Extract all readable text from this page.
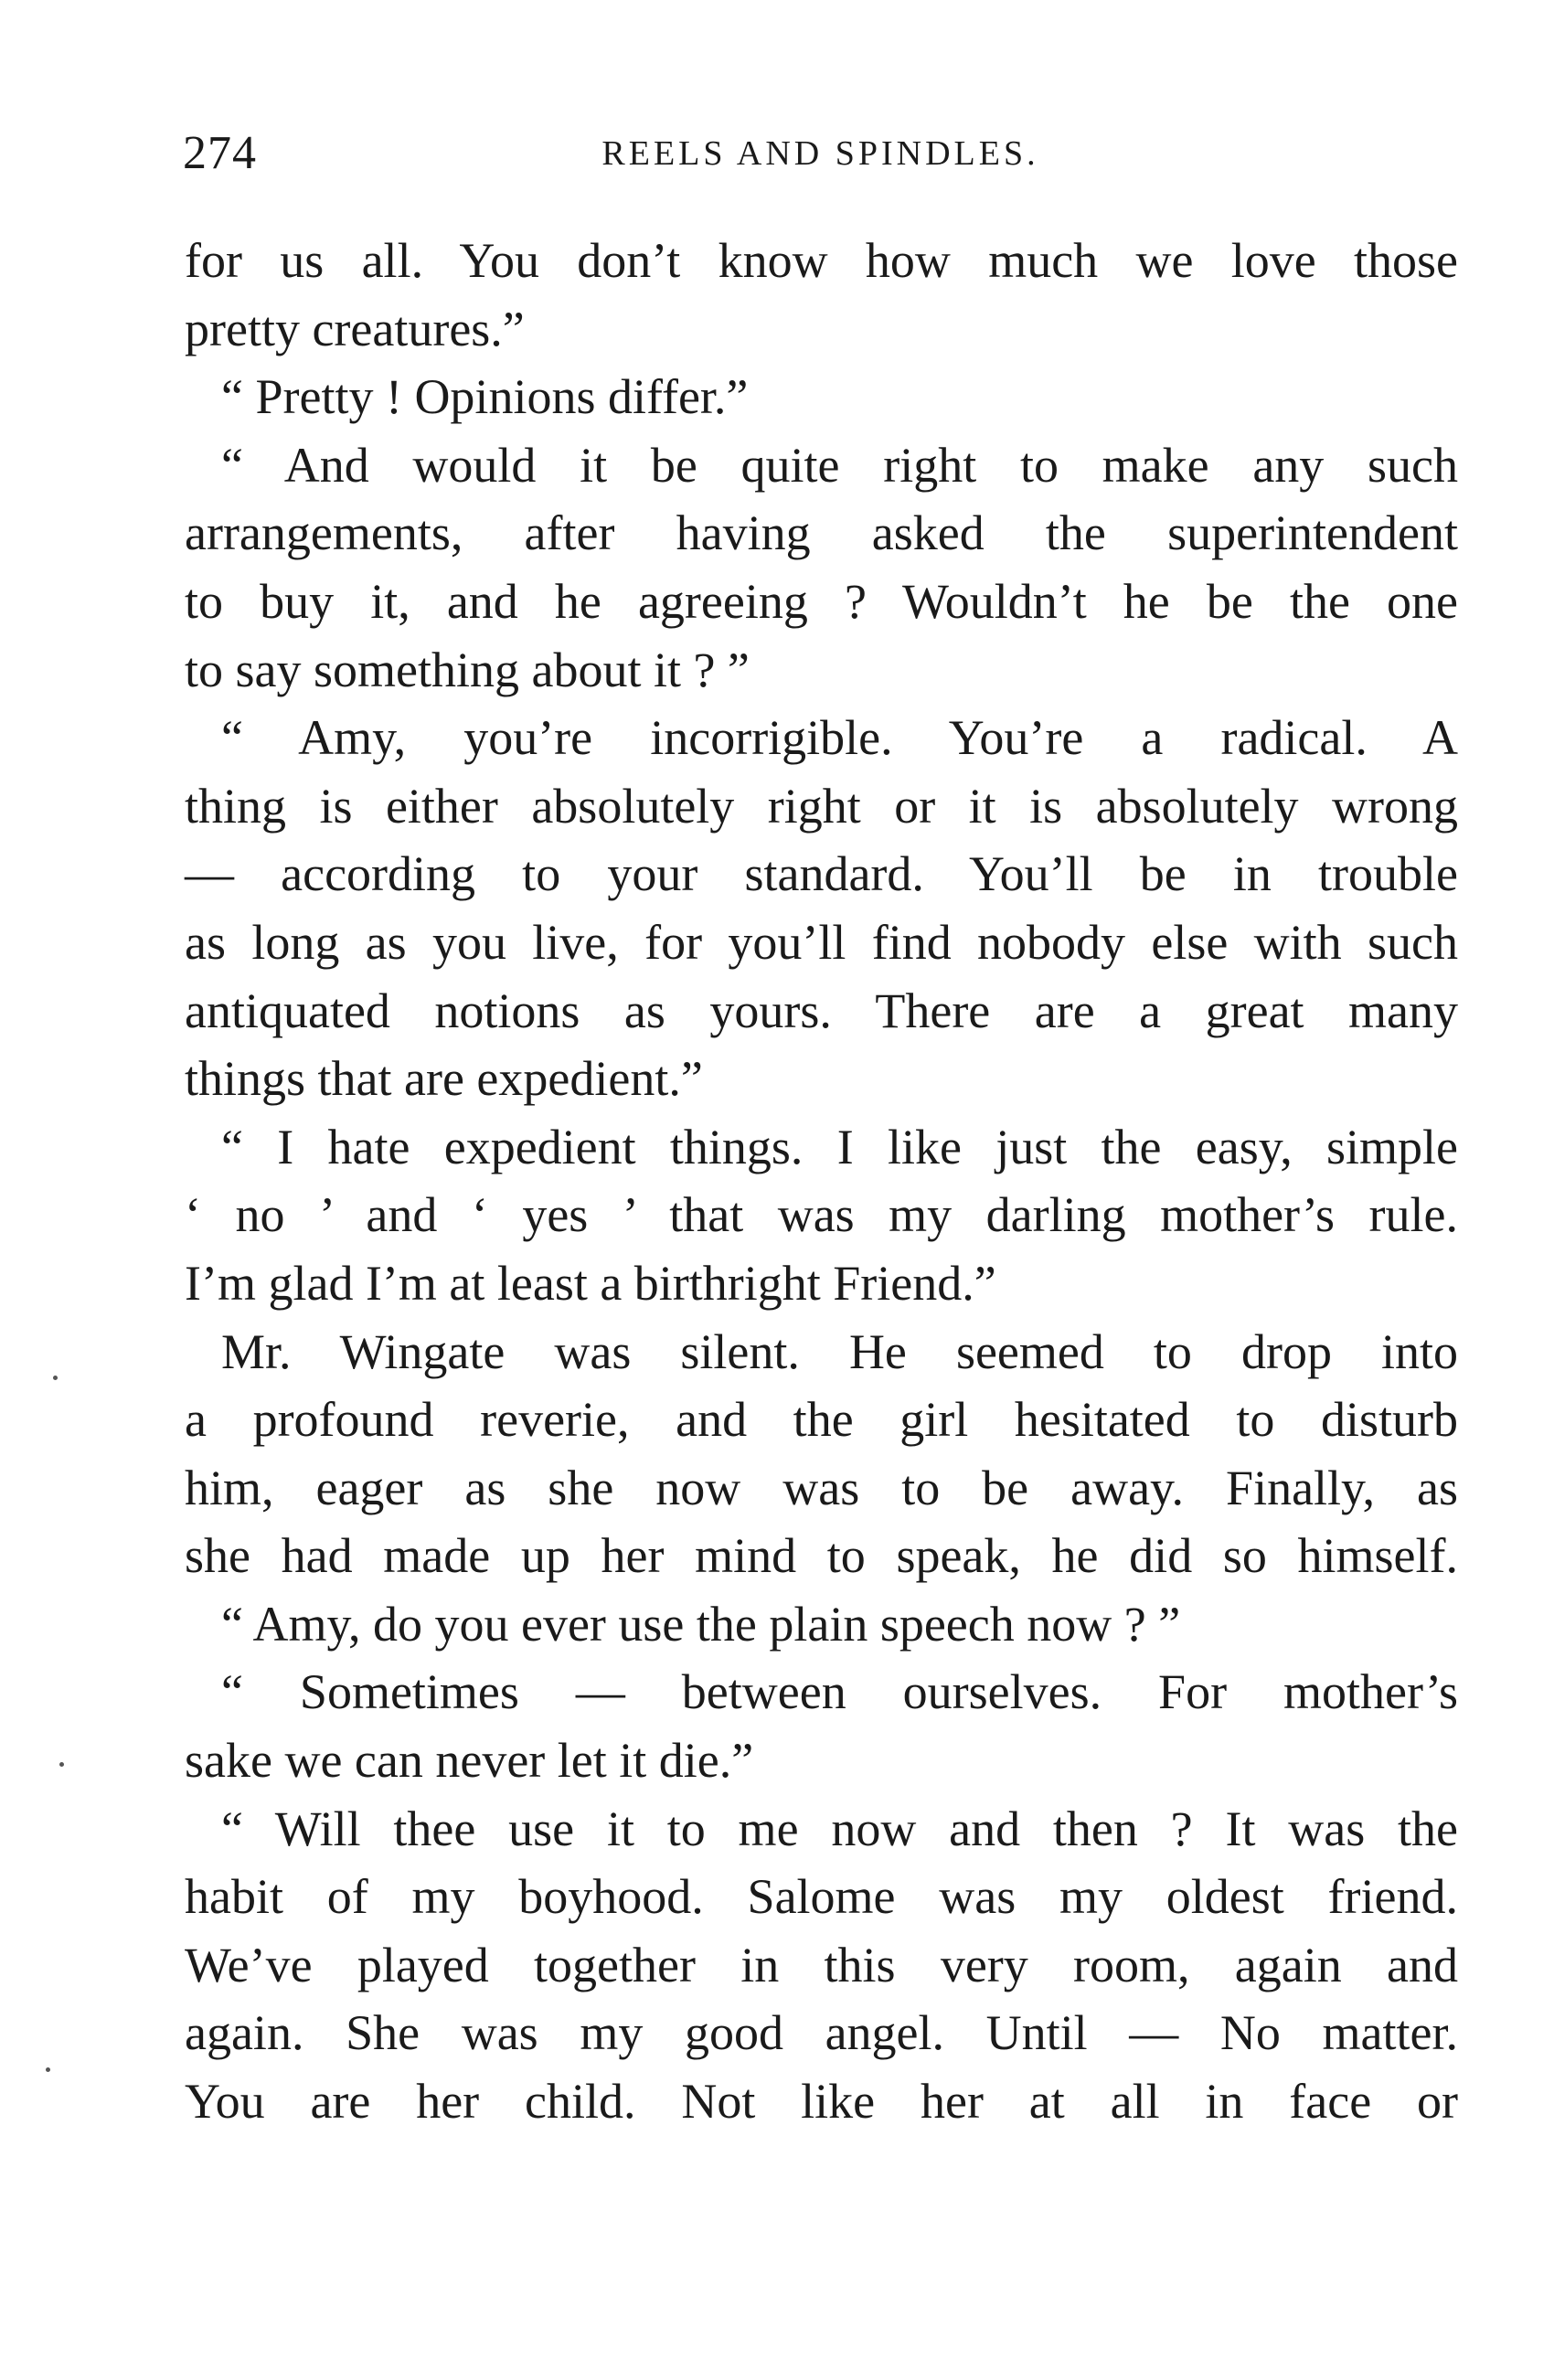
274	REELS AND SPINDLES.
for us all. You don’t know how much we love those
pretty creatures.”
“ Pretty ! Opinions differ.”
“ And would it be quite right to make any such
arrangements, after having asked the superintendent
to buy it, and he agreeing ? Wouldn’t he be the one
to say something about it ? ”
“ Amy, you’re incorrigible. You’re a radical. A
thing is either absolutely right or it is absolutely wrong
— according to your standard. You’ll be in trouble
as long as you live, for you’ll find nobody else with such
antiquated notions as yours. There are a great many
things that are expedient.”
“ I hate expedient things. I like just the easy, simple
‘ no ’ and ‘ yes ’ that was my darling mother’s rule.
I’m glad I’m at least a birthright Friend.”
Mr. Wingate was silent. He seemed to drop into
a profound reverie, and the girl hesitated to disturb
him, eager as she now was to be away. Finally, as
she had made up her mind to speak, he did so himself.
“ Amy, do you ever use the plain speech now ? ”
“ Sometimes — between ourselves. For mother’s
sake we can never let it die.”
“ Will thee use it to me now and then ? It was the
habit of my boyhood. Salome was my oldest friend.
We’ve played together in this very room, again and
again. She was my good angel. Until — No matter.
You are her child. Not like her at all in face or
